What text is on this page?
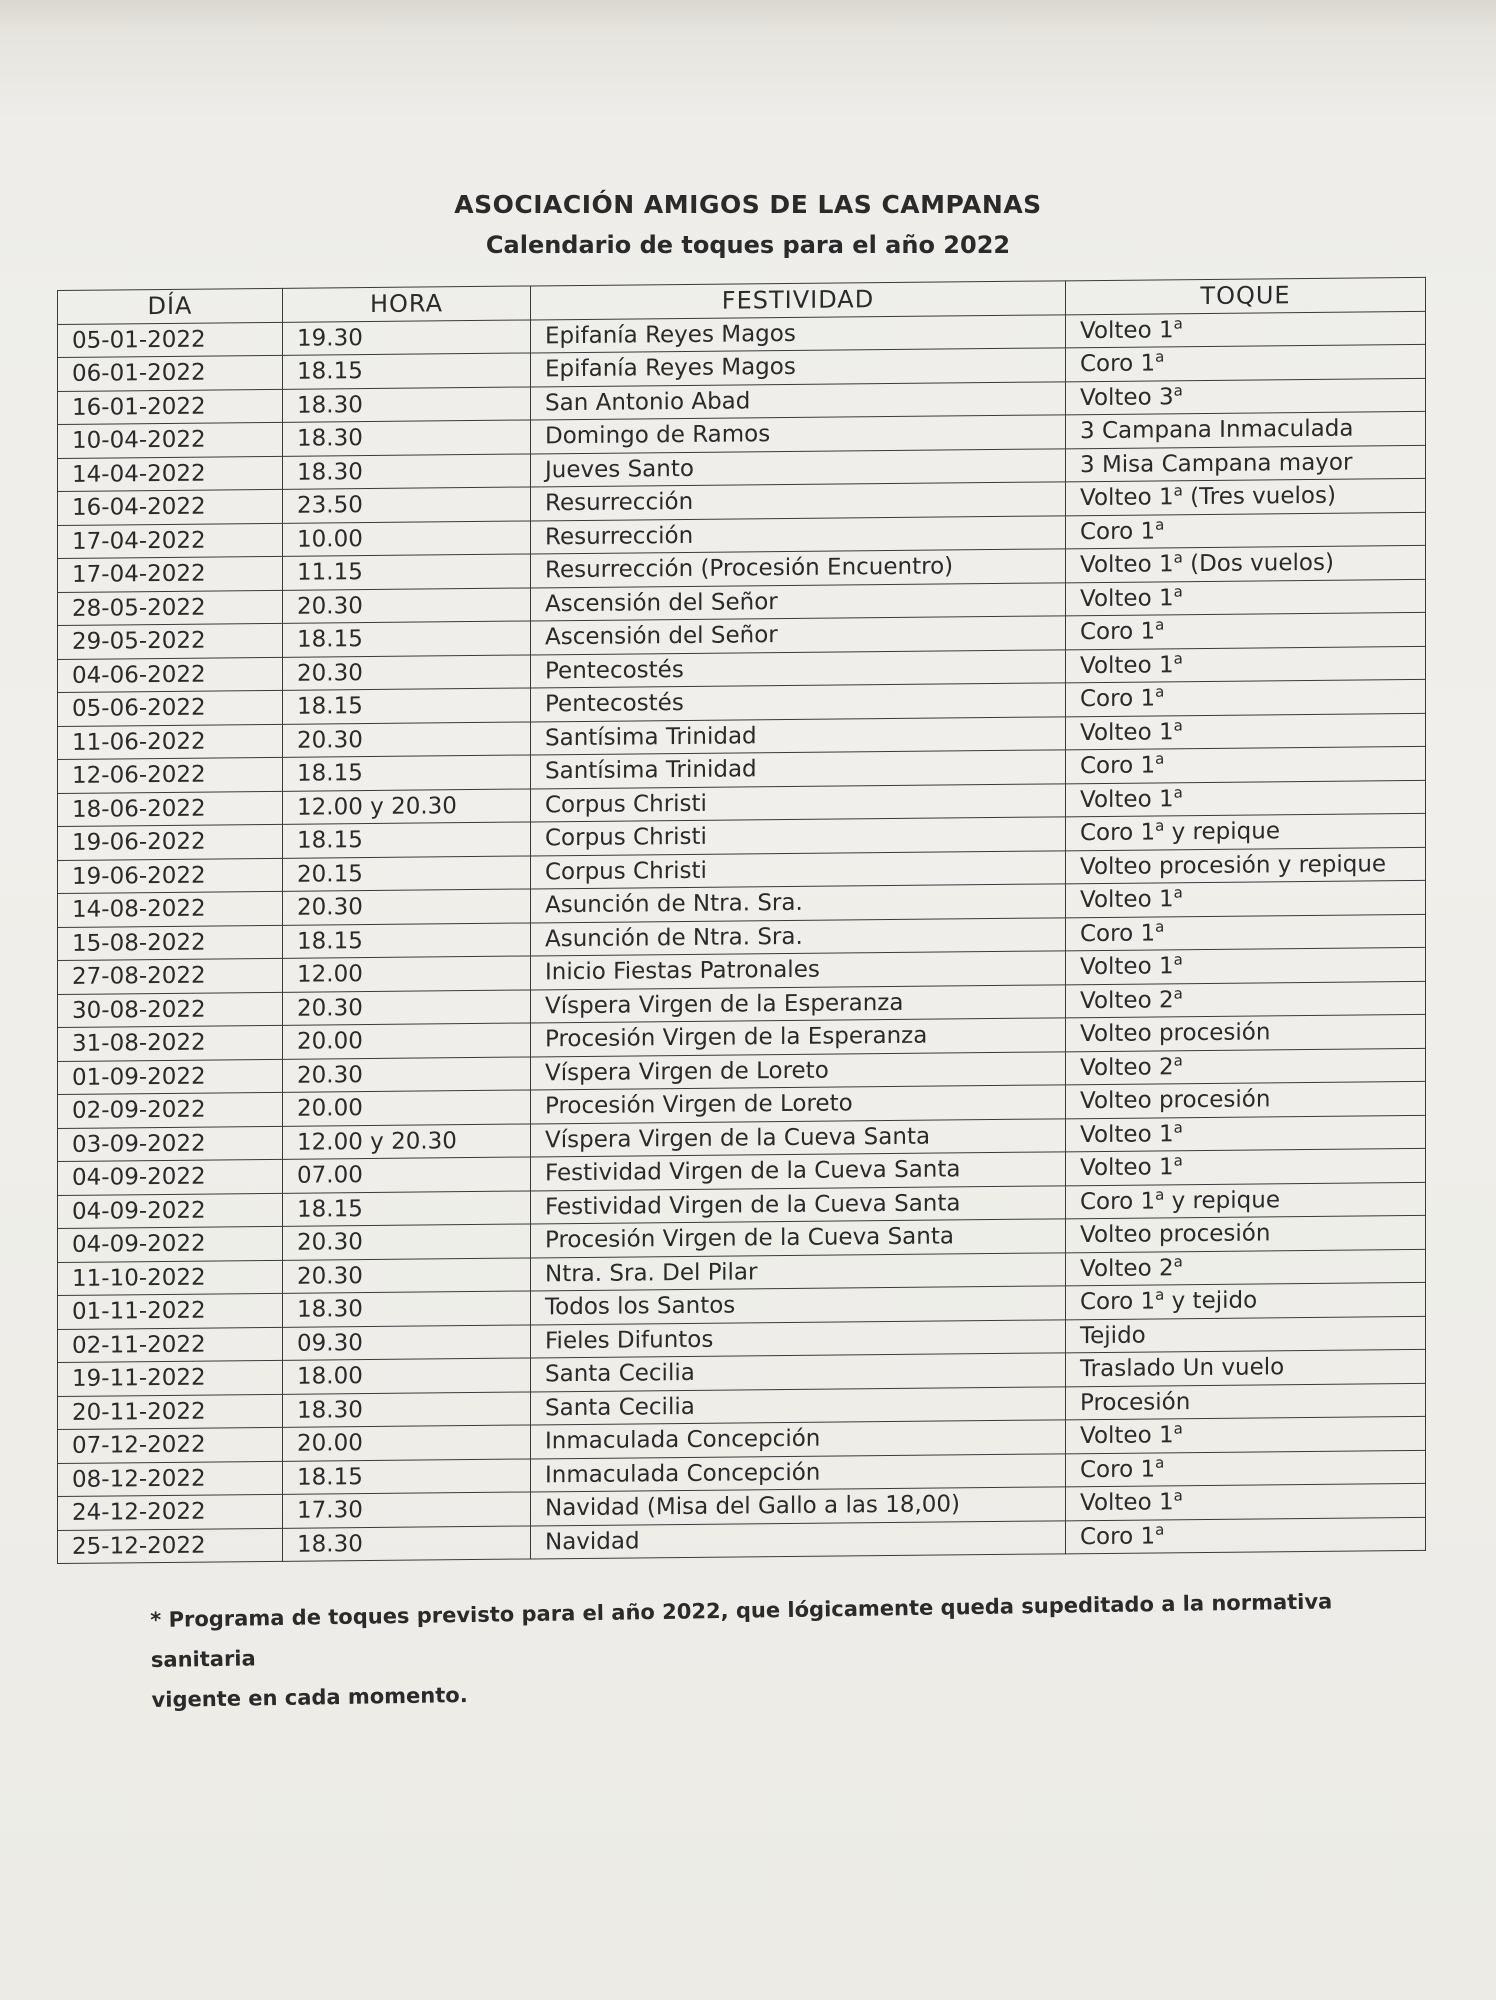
ASOCIACIÓN AMIGOS DE LAS CAMPANAS
Calendario de toques para el año 2022
DÍA	HORA	FESTIVIDAD	TOQUE
05-01-2022	19.30	Epifanía Reyes Magos	Volteo 1$^a$
06-01-2022	18.15	Epifanía Reyes Magos	Coro 1$^a$
16-01-2022	18.30	San Antonio Abad	Volteo 3$^a$
10-04-2022	18.30	Domingo de Ramos	3 Campana Inmaculada
14-04-2022	18.30	Jueves Santo	3 Misa Campana mayor
16-04-2022	23.50	Resurrección	Volteo 1$^a$ (Tres vuelos)
17-04-2022	10.00	Resurrección	Coro 1$^a$
17-04-2022	11.15	Resurrección (Procesión Encuentro)	Volteo 1$^a$ (Dos vuelos)
28-05-2022	20.30	Ascensión del Señor	Volteo 1$^a$
29-05-2022	18.15	Ascensión del Señor	Coro 1$^a$
04-06-2022	20.30	Pentecostés	Volteo 1$^a$
05-06-2022	18.15	Pentecostés	Coro 1$^a$
11-06-2022	20.30	Santísima Trinidad	Volteo 1$^a$
12-06-2022	18.15	Santísima Trinidad	Coro 1$^a$
18-06-2022	12.00 y 20.30	Corpus Christi	Volteo 1$^a$
19-06-2022	18.15	Corpus Christi	Coro 1$^a$ y repique
19-06-2022	20.15	Corpus Christi	Volteo procesión y repique
14-08-2022	20.30	Asunción de Ntra. Sra.	Volteo 1$^a$
15-08-2022	18.15	Asunción de Ntra. Sra.	Coro 1$^a$
27-08-2022	12.00	Inicio Fiestas Patronales	Volteo 1$^a$
30-08-2022	20.30	Víspera Virgen de la Esperanza	Volteo 2$^a$
31-08-2022	20.00	Procesión Virgen de la Esperanza	Volteo procesión
01-09-2022	20.30	Víspera Virgen de Loreto	Volteo 2$^a$
02-09-2022	20.00	Procesión Virgen de Loreto	Volteo procesión
03-09-2022	12.00 y 20.30	Víspera Virgen de la Cueva Santa	Volteo 1$^a$
04-09-2022	07.00	Festividad Virgen de la Cueva Santa	Volteo 1$^a$
04-09-2022	18.15	Festividad Virgen de la Cueva Santa	Coro 1$^a$ y repique
04-09-2022	20.30	Procesión Virgen de la Cueva Santa	Volteo procesión
11-10-2022	20.30	Ntra. Sra. Del Pilar	Volteo 2$^a$
01-11-2022	18.30	Todos los Santos	Coro 1$^a$ y tejido
02-11-2022	09.30	Fieles Difuntos	Tejido
19-11-2022	18.00	Santa Cecilia	Traslado Un vuelo
20-11-2022	18.30	Santa Cecilia	Procesión
07-12-2022	20.00	Inmaculada Concepción	Volteo 1$^a$
08-12-2022	18.15	Inmaculada Concepción	Coro 1$^a$
24-12-2022	17.30	Navidad (Misa del Gallo a las 18,00)	Volteo 1$^a$
25-12-2022	18.30	Navidad	Coro 1$^a$
* Programa de toques previsto para el año 2022, que lógicamente queda supeditado a la normativa sanitaria
vigente en cada momento.
